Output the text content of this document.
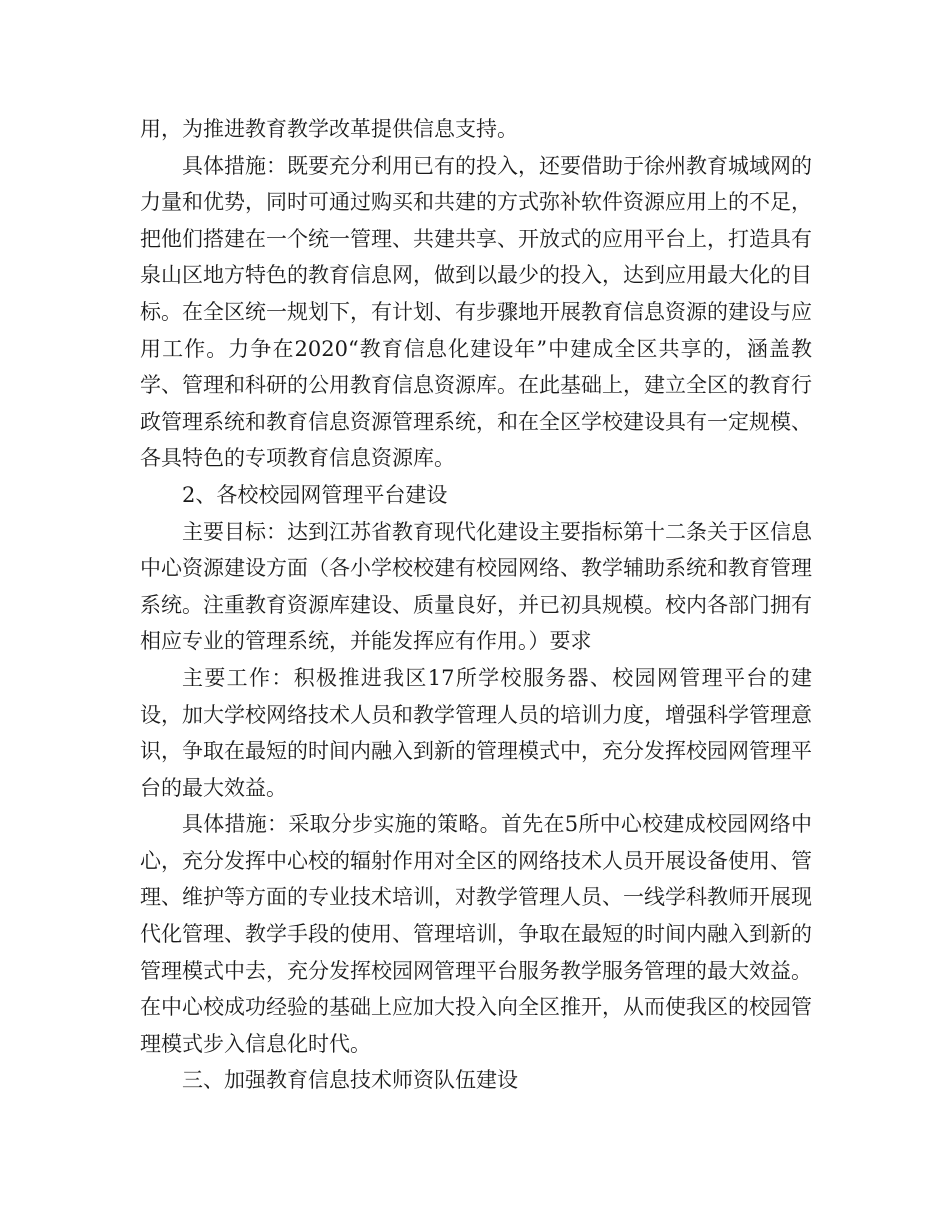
用，为推进教育教学改革提供信息支持。

具体措施：既要充分利用已有的投入，还要借助于徐州教育城域网的力量和优势，同时可通过购买和共建的方式弥补软件资源应用上的不足，把他们搭建在一个统一管理、共建共享、开放式的应用平台上，打造具有泉山区地方特色的教育信息网，做到以最少的投入，达到应用最大化的目标。在全区统一规划下，有计划、有步骤地开展教育信息资源的建设与应用工作。力争在2020“教育信息化建设年”中建成全区共享的，涵盖教学、管理和科研的公用教育信息资源库。在此基础上，建立全区的教育行政管理系统和教育信息资源管理系统，和在全区学校建设具有一定规模、各具特色的专项教育信息资源库。

2、各校校园网管理平台建设

主要目标：达到江苏省教育现代化建设主要指标第十二条关于区信息中心资源建设方面（各小学校校建有校园网络、教学辅助系统和教育管理系统。注重教育资源库建设、质量良好，并已初具规模。校内各部门拥有相应专业的管理系统，并能发挥应有作用。）要求

主要工作：积极推进我区17所学校服务器、校园网管理平台的建设，加大学校网络技术人员和教学管理人员的培训力度，增强科学管理意识，争取在最短的时间内融入到新的管理模式中，充分发挥校园网管理平台的最大效益。

具体措施：采取分步实施的策略。首先在5所中心校建成校园网络中心，充分发挥中心校的辐射作用对全区的网络技术人员开展设备使用、管理、维护等方面的专业技术培训，对教学管理人员、一线学科教师开展现代化管理、教学手段的使用、管理培训，争取在最短的时间内融入到新的管理模式中去，充分发挥校园网管理平台服务教学服务管理的最大效益。在中心校成功经验的基础上应加大投入向全区推开，从而使我区的校园管理模式步入信息化时代。

三、加强教育信息技术师资队伍建设
